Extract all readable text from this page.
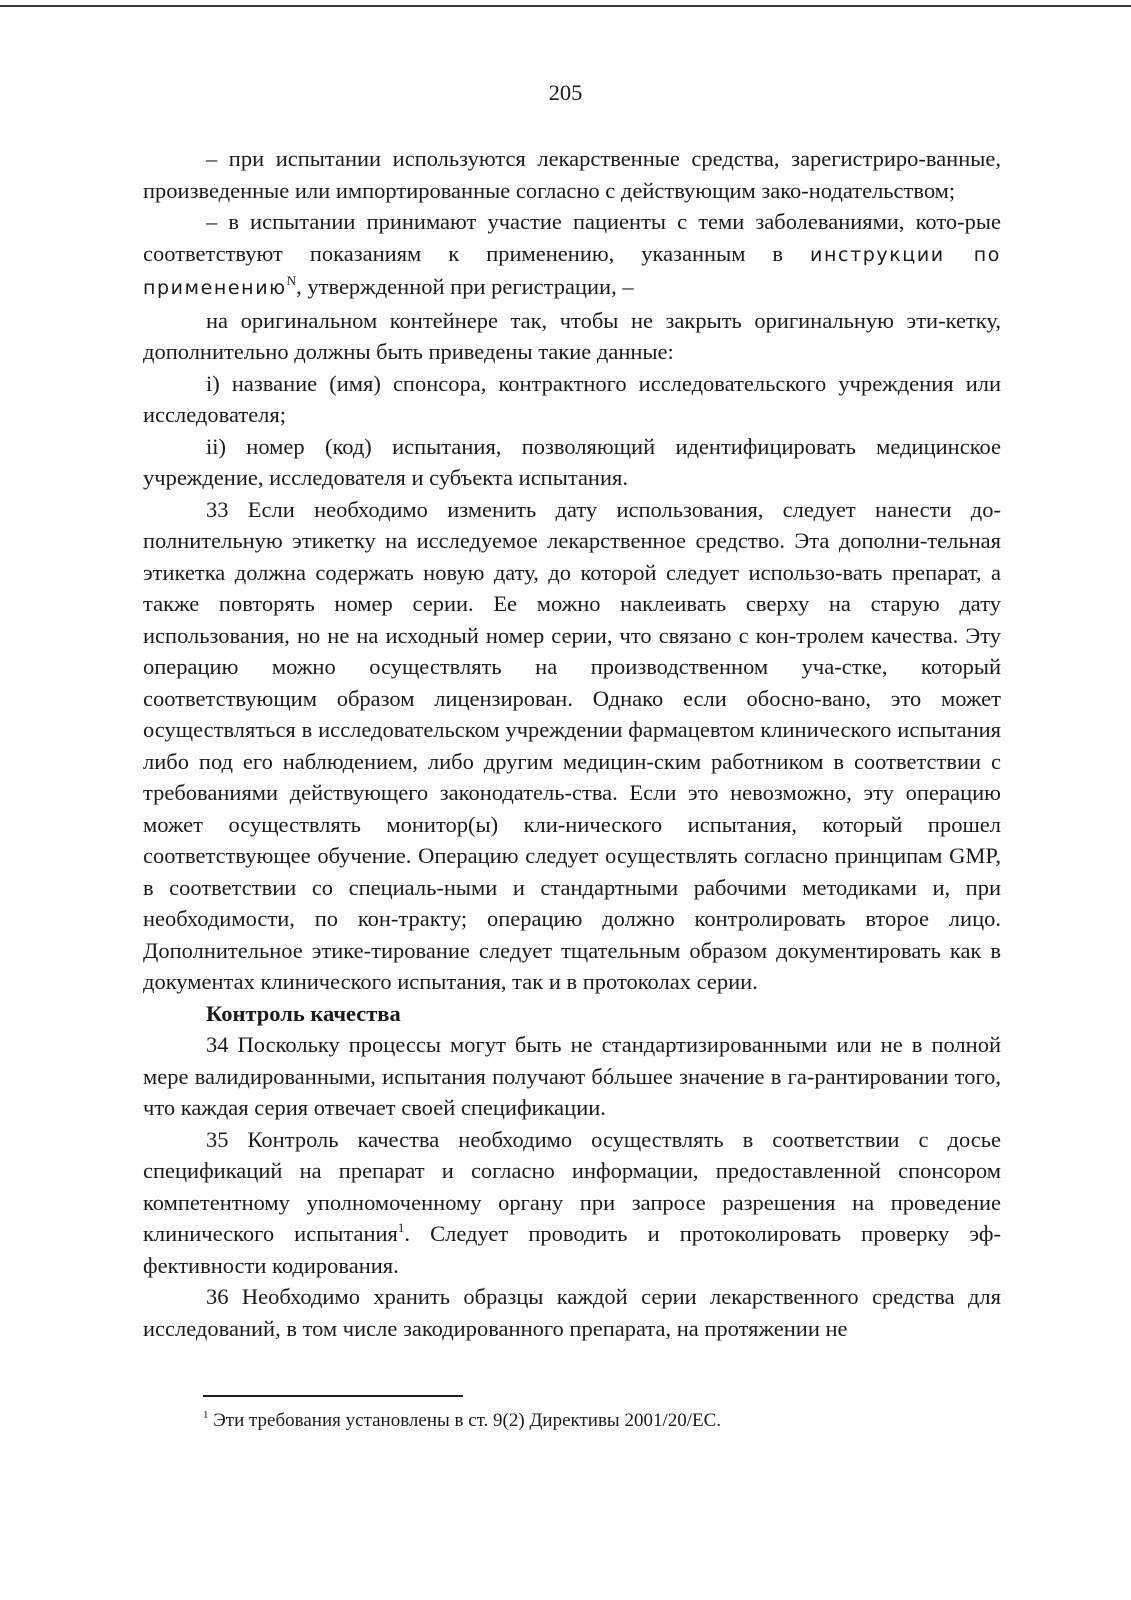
205

– при испытании используются лекарственные средства, зарегистриро-ванные, произведенные или импортированные согласно с действующим зако-нодательством;

– в испытании принимают участие пациенты с теми заболеваниями, кото-рые соответствуют показаниям к применению, указанным в инструкции по применению$^N$, утвержденной при регистрации, –

на оригинальном контейнере так, чтобы не закрыть оригинальную эти-кетку, дополнительно должны быть приведены такие данные:

i) название (имя) спонсора, контрактного исследовательского учреждения или исследователя;

ii) номер (код) испытания, позволяющий идентифицировать медицинское учреждение, исследователя и субъекта испытания.

33 Если необходимо изменить дату использования, следует нанести до-полнительную этикетку на исследуемое лекарственное средство. Эта дополни-тельная этикетка должна содержать новую дату, до которой следует использо-вать препарат, а также повторять номер серии. Ее можно наклеивать сверху на старую дату использования, но не на исходный номер серии, что связано с кон-тролем качества. Эту операцию можно осуществлять на производственном уча-стке, который соответствующим образом лицензирован. Однако если обосно-вано, это может осуществляться в исследовательском учреждении фармацевтом клинического испытания либо под его наблюдением, либо другим медицин-ским работником в соответствии с требованиями действующего законодатель-ства. Если это невозможно, эту операцию может осуществлять монитор(ы) кли-нического испытания, который прошел соответствующее обучение. Операцию следует осуществлять согласно принципам GMP, в соответствии со специаль-ными и стандартными рабочими методиками и, при необходимости, по кон-тракту; операцию должно контролировать второе лицо. Дополнительное этике-тирование следует тщательным образом документировать как в документах клинического испытания, так и в протоколах серии.

Контроль качества

34 Поскольку процессы могут быть не стандартизированными или не в полной мере валидированными, испытания получают бóльшее значение в га-рантировании того, что каждая серия отвечает своей спецификации.

35 Контроль качества необходимо осуществлять в соответствии с досье спецификаций на препарат и согласно информации, предоставленной спонсором компетентному уполномоченному органу при запросе разрешения на проведение клинического испытания$^1$. Следует проводить и протоколировать проверку эф-фективности кодирования.

36 Необходимо хранить образцы каждой серии лекарственного средства для исследований, в том числе закодированного препарата, на протяжении не

$^1$ Эти требования установлены в ст. 9(2) Директивы 2001/20/ЕС.
